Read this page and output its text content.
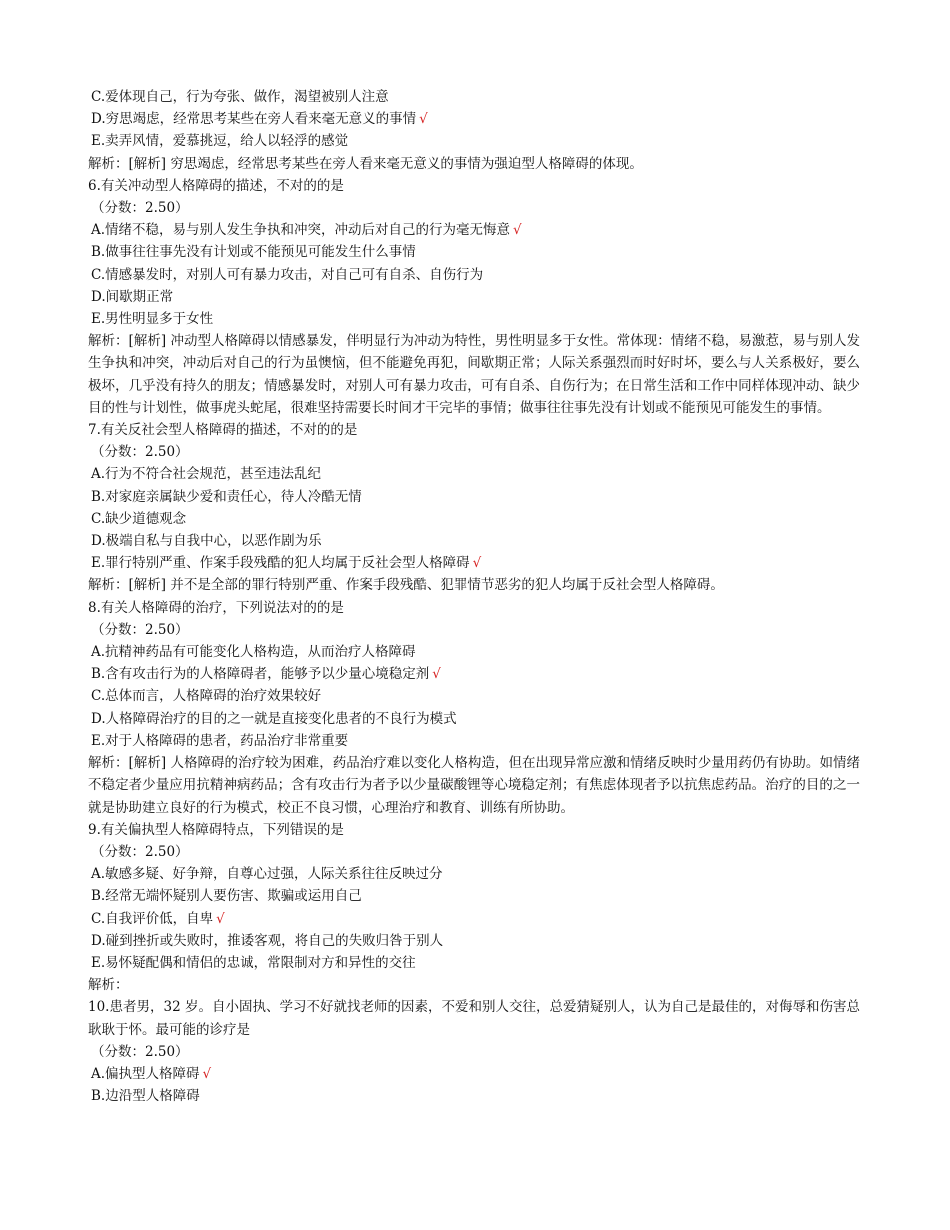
C.爱体现自己，行为夸张、做作，渴望被别人注意
D.穷思竭虑，经常思考某些在旁人看来毫无意义的事情 √
E.卖弄风情，爱慕挑逗，给人以轻浮的感觉
解析：[解析] 穷思竭虑，经常思考某些在旁人看来毫无意义的事情为强迫型人格障碍的体现。
6.有关冲动型人格障碍的描述，不对的的是
（分数：2.50）
A.情绪不稳，易与别人发生争执和冲突，冲动后对自己的行为毫无悔意 √
B.做事往往事先没有计划或不能预见可能发生什么事情
C.情感暴发时，对别人可有暴力攻击，对自己可有自杀、自伤行为
D.间歇期正常
E.男性明显多于女性
解析：[解析] 冲动型人格障碍以情感暴发，伴明显行为冲动为特性，男性明显多于女性。常体现：情绪不稳，易激惹，易与别人发生争执和冲突，冲动后对自己的行为虽懊恼，但不能避免再犯，间歇期正常；人际关系强烈而时好时坏，要么与人关系极好，要么极坏，几乎没有持久的朋友；情感暴发时，对别人可有暴力攻击，可有自杀、自伤行为；在日常生活和工作中同样体现冲动、缺少目的性与计划性，做事虎头蛇尾，很难坚持需要长时间才干完毕的事情；做事往往事先没有计划或不能预见可能发生的事情。
7.有关反社会型人格障碍的描述，不对的的是
（分数：2.50）
A.行为不符合社会规范，甚至违法乱纪
B.对家庭亲属缺少爱和责任心，待人冷酷无情
C.缺少道德观念
D.极端自私与自我中心，以恶作剧为乐
E.罪行特别严重、作案手段残酷的犯人均属于反社会型人格障碍 √
解析：[解析] 并不是全部的罪行特别严重、作案手段残酷、犯罪情节恶劣的犯人均属于反社会型人格障碍。
8.有关人格障碍的治疗，下列说法对的的是
（分数：2.50）
A.抗精神药品有可能变化人格构造，从而治疗人格障碍
B.含有攻击行为的人格障碍者，能够予以少量心境稳定剂 √
C.总体而言，人格障碍的治疗效果较好
D.人格障碍治疗的目的之一就是直接变化患者的不良行为模式
E.对于人格障碍的患者，药品治疗非常重要
解析：[解析] 人格障碍的治疗较为困难，药品治疗难以变化人格构造，但在出现异常应激和情绪反映时少量用药仍有协助。如情绪不稳定者少量应用抗精神病药品；含有攻击行为者予以少量碳酸锂等心境稳定剂；有焦虑体现者予以抗焦虑药品。治疗的目的之一就是协助建立良好的行为模式，校正不良习惯，心理治疗和教育、训练有所协助。
9.有关偏执型人格障碍特点，下列错误的是
（分数：2.50）
A.敏感多疑、好争辩，自尊心过强，人际关系往往反映过分
B.经常无端怀疑别人要伤害、欺骗或运用自己
C.自我评价低，自卑 √
D.碰到挫折或失败时，推诿客观，将自己的失败归咎于别人
E.易怀疑配偶和情侣的忠诚，常限制对方和异性的交往
解析：
10.患者男，32 岁。自小固执、学习不好就找老师的因素，不爱和别人交往，总爱猜疑别人，认为自己是最佳的，对侮辱和伤害总耿耿于怀。最可能的诊疗是
（分数：2.50）
A.偏执型人格障碍 √
B.边沿型人格障碍
